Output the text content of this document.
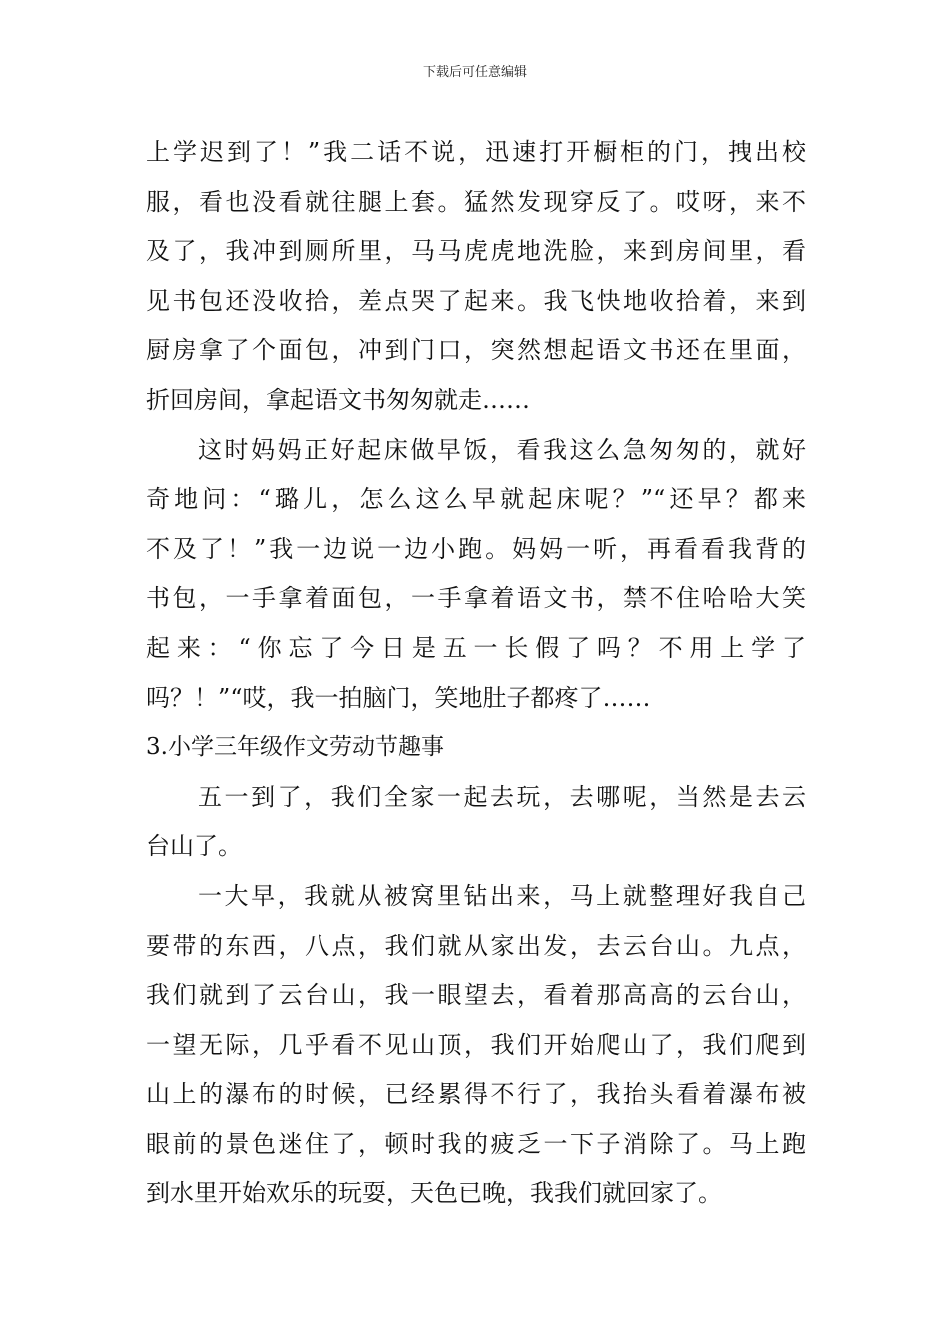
下载后可任意编辑
上学迟到了！”我二话不说，迅速打开橱柜的门，拽出校
服，看也没看就往腿上套。猛然发现穿反了。哎呀，来不
及了，我冲到厕所里，马马虎虎地洗脸，来到房间里，看
见书包还没收拾，差点哭了起来。我飞快地收拾着，来到
厨房拿了个面包，冲到门口，突然想起语文书还在里面，
折回房间，拿起语文书匆匆就走……
这时妈妈正好起床做早饭，看我这么急匆匆的，就好
奇地问：“璐儿，怎么这么早就起床呢？”“还早？都来
不及了！”我一边说一边小跑。妈妈一听，再看看我背的
书包，一手拿着面包，一手拿着语文书，禁不住哈哈大笑
起来：“你忘了今日是五一长假了吗？不用上学了
吗？！”“哎，我一拍脑门，笑地肚子都疼了……
3.小学三年级作文劳动节趣事
五一到了，我们全家一起去玩，去哪呢，当然是去云
台山了。
一大早，我就从被窝里钻出来，马上就整理好我自己
要带的东西，八点，我们就从家出发，去云台山。九点，
我们就到了云台山，我一眼望去，看着那高高的云台山，
一望无际，几乎看不见山顶，我们开始爬山了，我们爬到
山上的瀑布的时候，已经累得不行了，我抬头看着瀑布被
眼前的景色迷住了，顿时我的疲乏一下子消除了。马上跑
到水里开始欢乐的玩耍，天色已晚，我我们就回家了。
